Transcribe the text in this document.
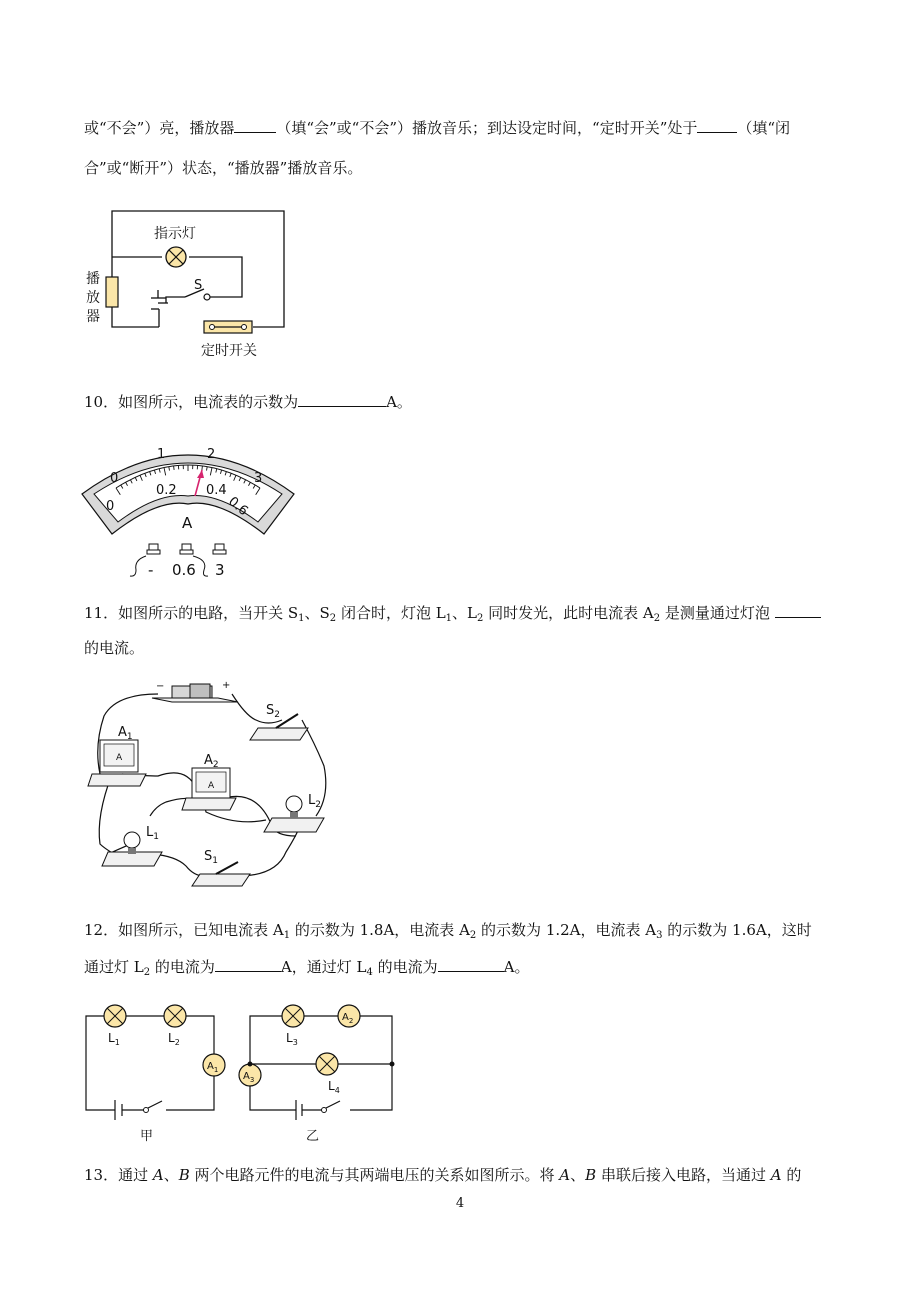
或“不会”）亮，播放器	（填“会”或“不会”）播放音乐；到达设定时间，“定时开关”处于	（填“闭
合”或“断开”）状态，“播放器”播放音乐。
指示灯
S
播
放
器
定时开关
10．如图所示，电流表的示数为	A。
0
1	2
3
0
0.2 0.4
0.6
A
- 0.6 3
11．如图所示的电路，当开关 $S_1$、$S_2$ 闭合时，灯泡 $L_1$、$L_2$ 同时发光，此时电流表 $A_2$ 是测量通过灯泡
的电流。
−	+
$S_2$
A
$A_1$
A
$A_2$
$L_2$
$L_1$
$S_1$
12．如图所示，已知电流表 $A_1$ 的示数为 1.8A，电流表 $A_2$ 的示数为 1.2A，电流表 $A_3$ 的示数为 1.6A，这时
通过灯 $L_2$ 的电流为	A，通过灯 $L_4$ 的电流为	A。
$L_1$	$L_2$
$A_1$
$L_3$
$A_2$
$L_4$
$A_3$
甲	乙
13．通过 A、B 两个电路元件的电流与其两端电压的关系如图所示。将 A、B 串联后接入电路，当通过 A 的
4
